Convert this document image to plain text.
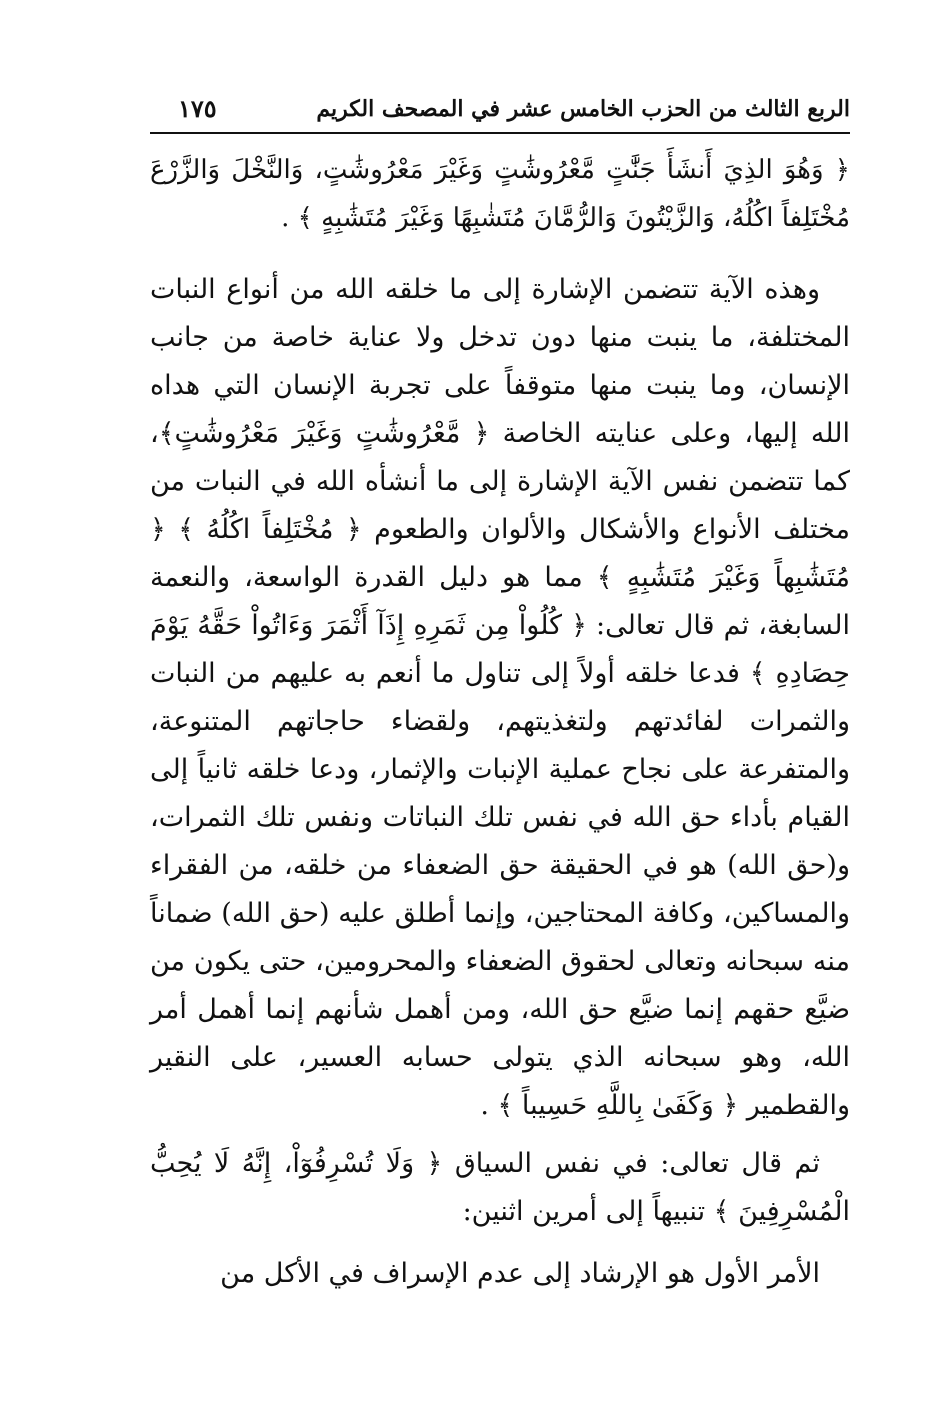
الربع الثالث من الحزب الخامس عشر في المصحف الكريم
١٧٥
﴿ وَهُوَ الذِيَ أَنشَأَ جَنَّٰتٍ مَّعْرُوشَٰتٍ وَغَيْرَ مَعْرُوشَٰتٍ، وَالنَّخْلَ وَالزَّرْعَ مُخْتَلِفاً اكُلُهُ، وَالزَّيْتُونَ وَالرُّمَّانَ مُتَشٰبِهًا وَغَيْرَ مُتَشَٰبِهٍ ﴾ .

وهذه الآية تتضمن الإشارة إلى ما خلقه الله من أنواع النبات المختلفة، ما ينبت منها دون تدخل ولا عناية خاصة من جانب الإنسان، وما ينبت منها متوقفاً على تجربة الإنسان التي هداه الله إليها، وعلى عنايته الخاصة ﴿ مَّعْرُوشَٰتٍ وَغَيْرَ مَعْرُوشَٰتٍ﴾، كما تتضمن نفس الآية الإشارة إلى ما أنشأه الله في النبات من مختلف الأنواع والأشكال والألوان والطعوم ﴿ مُخْتَلِفاً اكُلُهُ ﴾ ﴿ مُتَشَٰبِهاً وَغَيْرَ مُتَشَٰبِهٍ ﴾ مما هو دليل القدرة الواسعة، والنعمة السابغة، ثم قال تعالى: ﴿ كُلُواْ مِن ثَمَرِهِ إِذَآ أَثْمَرَ وَءَاتُواْ حَقَّهُ يَوْمَ حِصَادِهِ ﴾ فدعا خلقه أولاً إلى تناول ما أنعم به عليهم من النبات والثمرات لفائدتهم ولتغذيتهم، ولقضاء حاجاتهم المتنوعة، والمتفرعة على نجاح عملية الإنبات والإثمار، ودعا خلقه ثانياً إلى القيام بأداء حق الله في نفس تلك النباتات ونفس تلك الثمرات، و(حق الله) هو في الحقيقة حق الضعفاء من خلقه، من الفقراء والمساكين، وكافة المحتاجين، وإنما أطلق عليه (حق الله) ضماناً منه سبحانه وتعالى لحقوق الضعفاء والمحرومين، حتى يكون من ضيَّع حقهم إنما ضيَّع حق الله، ومن أهمل شأنهم إنما أهمل أمر الله، وهو سبحانه الذي يتولى حسابه العسير، على النقير والقطمير ﴿ وَكَفَىٰ بِاللَّهِ حَسِيباً ﴾ .

ثم قال تعالى: في نفس السياق ﴿ وَلَا تُسْرِفُوٓاْ، إِنَّهُ لَا يُحِبُّ الْمُسْرِفِينَ ﴾ تنبيهاً إلى أمرين اثنين:

الأمر الأول هو الإرشاد إلى عدم الإسراف في الأكل من
